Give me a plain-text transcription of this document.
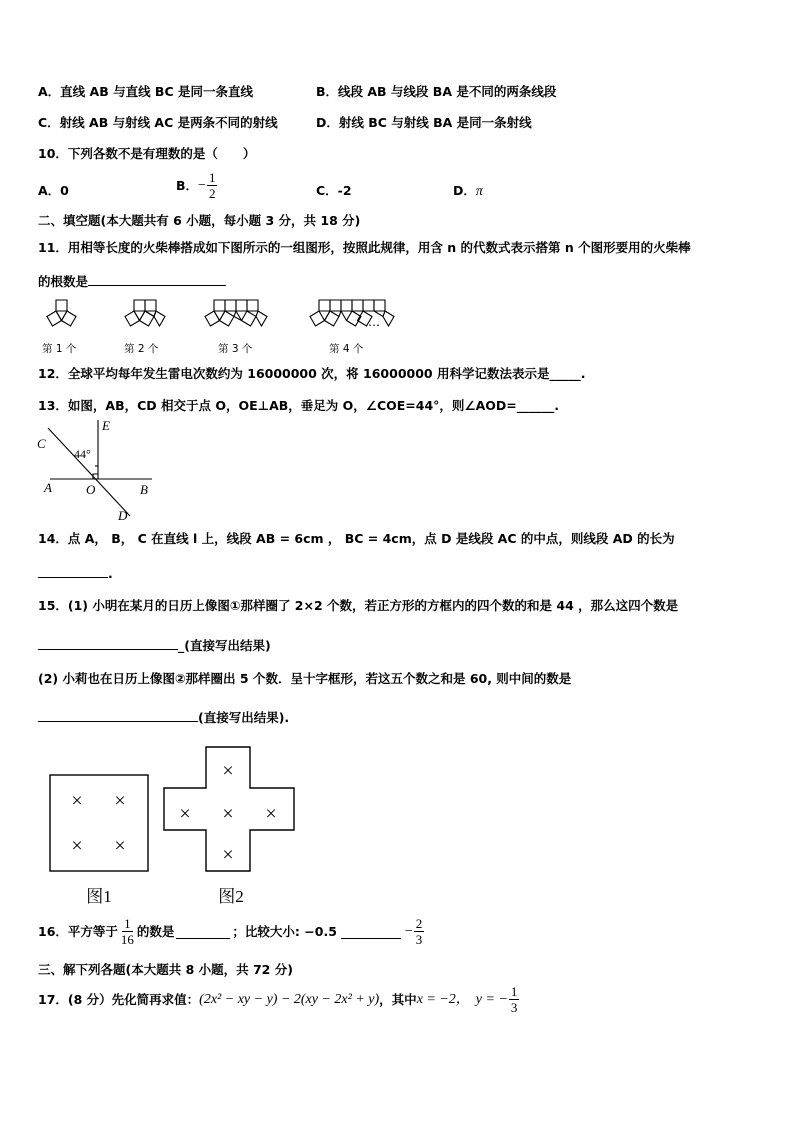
A．直线 AB 与直线 BC 是同一条直线	B．线段 AB 与线段 BA 是不同的两条线段
C．射线 AB 与射线 AC 是两条不同的射线	D．射线 BC 与射线 BA 是同一条射线
10．下列各数不是有理数的是（　　）
A．0	B． − $\frac{1}{2}$	C．-2	D．π
二、填空题(本大题共有 6 小题，每小题 3 分，共 18 分)
11．用相等长度的火柴棒搭成如下图所示的一组图形，按照此规律，用含 n 的代数式表示搭第 n 个图形要用的火柴棒
的根数是
…
第 1 个	第 2 个	第 3 个	第 4 个
12．全球平均每年发生雷电次数约为 16000000 次，将 16000000 用科学记数法表示是_____.
13．如图，AB，CD 相交于点 O，OE⊥AB，垂足为 O，∠COE=44°，则∠AOD=______.
C
E
44°
A	O	B
D
14．点 A， B， C 在直线 l 上，线段 AB = 6cm ， BC = 4cm，点 D 是线段 AC 的中点，则线段 AD 的长为
.
15．(1) 小明在某月的日历上像图①那样圈了 2×2 个数，若正方形的方框内的四个数的和是 44 ，那么这四个数是
_(直接写出结果)
(2) 小莉也在日历上像图②那样圈出 5 个数．呈十字框形，若这五个数之和是 60, 则中间的数是
(直接写出结果).
× ×
× ×
×
× × ×
×
图1	图2
16．平方等于 $\frac{1}{16}$ 的数是	；比较大小: −0.5	− $\frac{2}{3}$
三、解下列各题(本大题共 8 小题，共 72 分)
17．(8 分）先化简再求值： (2x² − xy − y) − 2(xy − 2x² + y) ，其中 x = −2， y = − $\frac{1}{3}$
